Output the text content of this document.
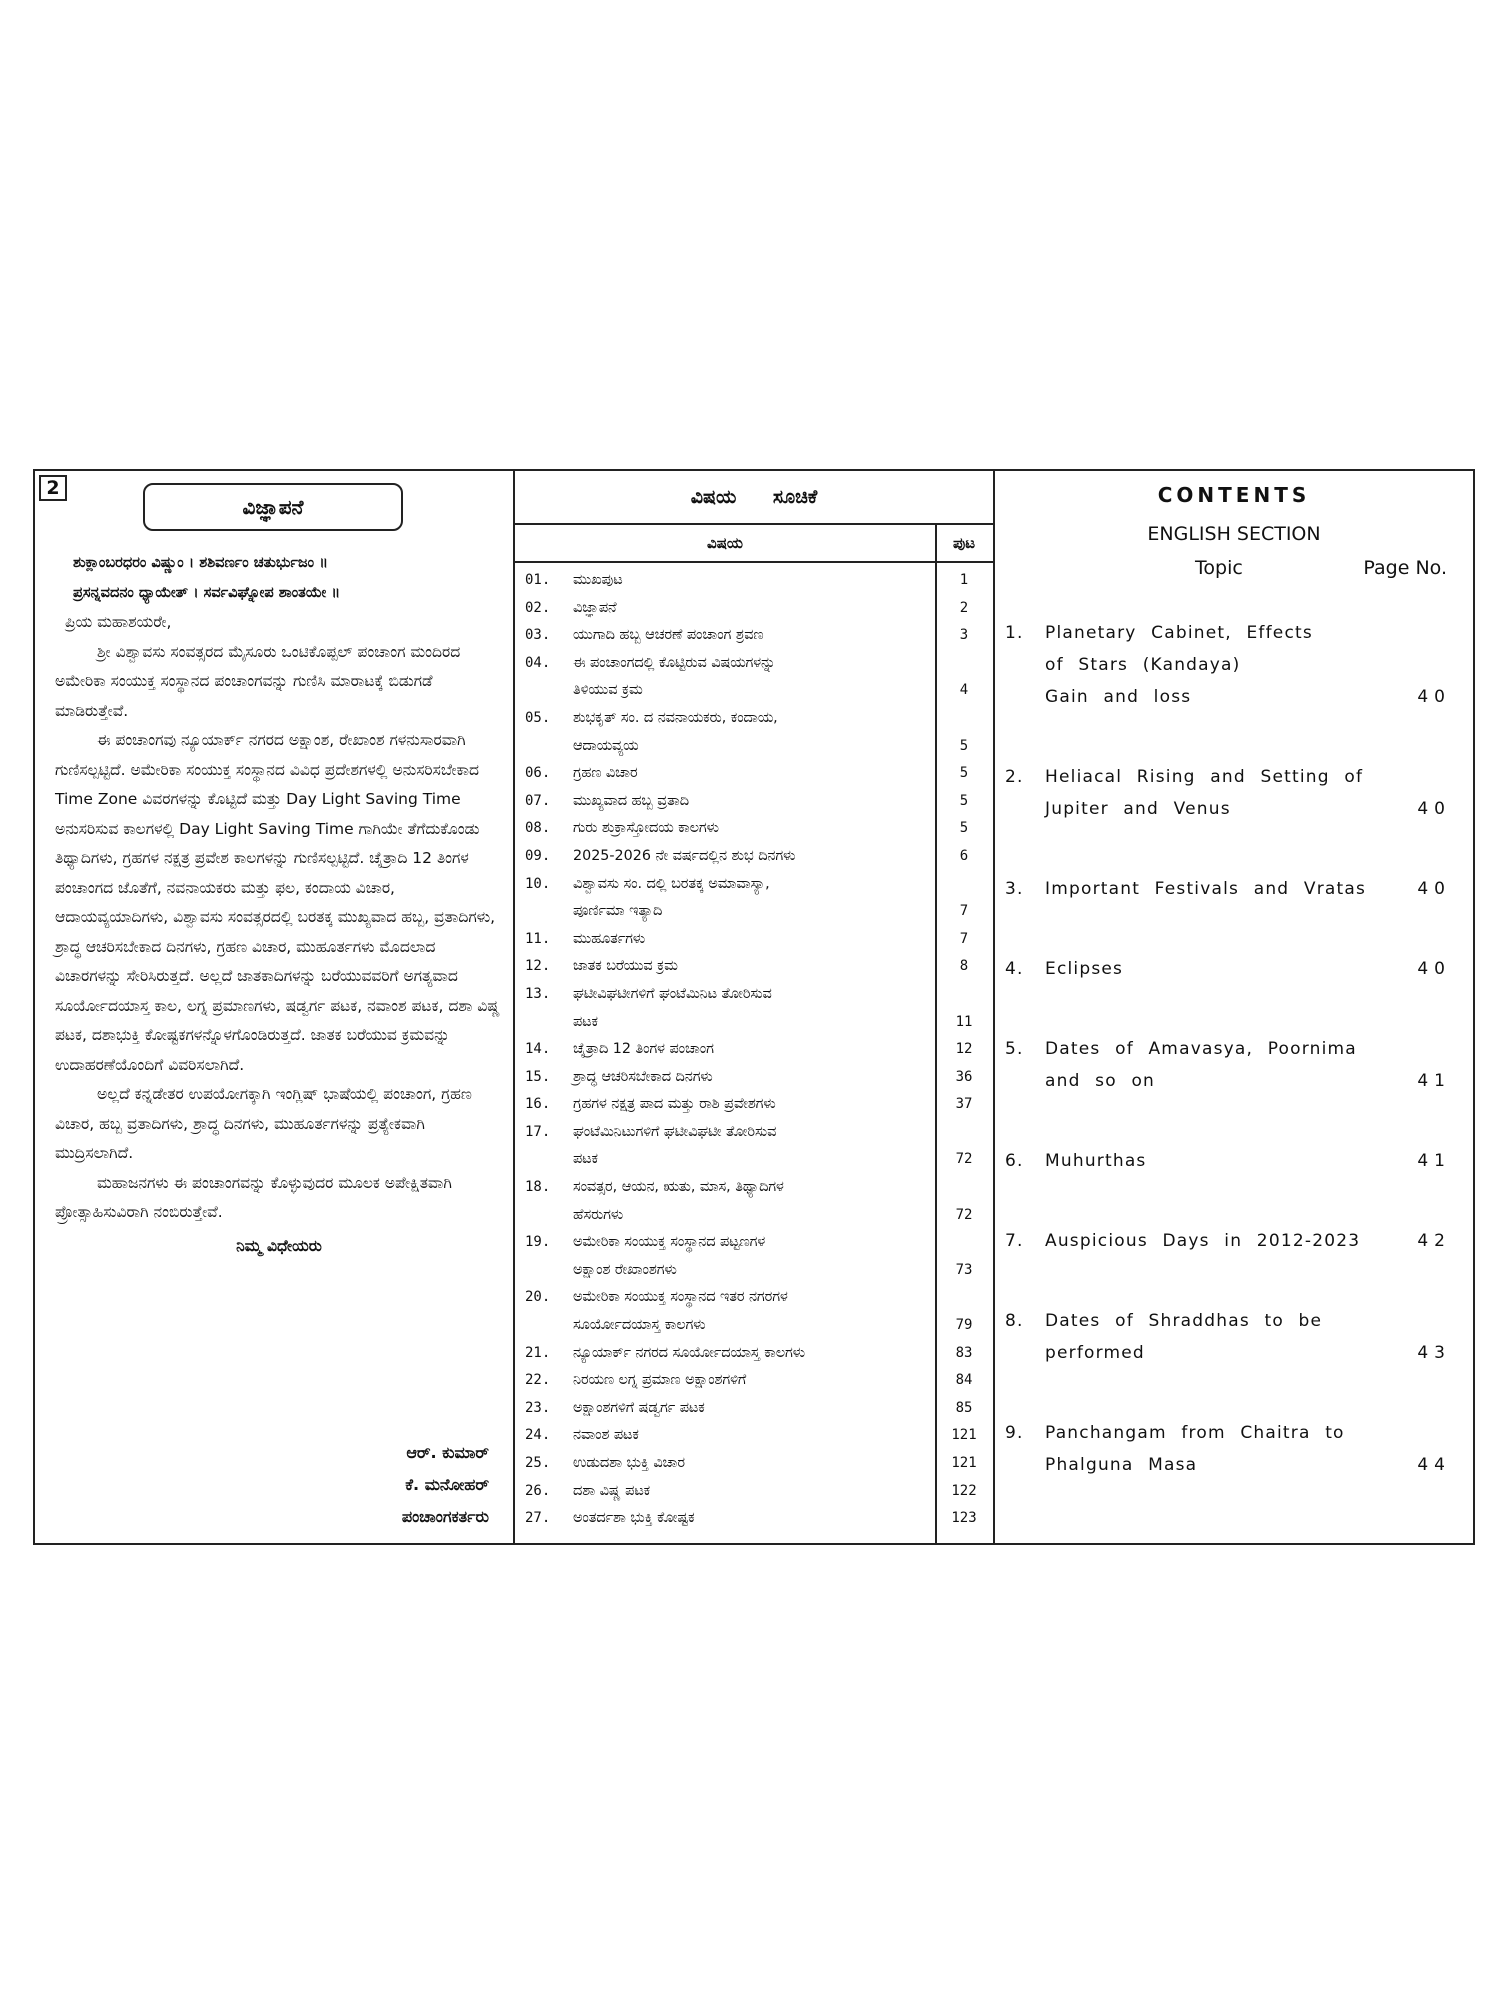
2
ವಿಜ್ಞಾಪನೆ

ಶುಕ್ಲಾಂಬರಧರಂ ವಿಷ್ಣುಂ । ಶಶಿವರ್ಣಂ ಚತುರ್ಭುಜಂ ॥

ಪ್ರಸನ್ನವದನಂ ಧ್ಯಾಯೇತ್ । ಸರ್ವವಿಘ್ನೋಪ ಶಾಂತಯೇ ॥

ಪ್ರಿಯ ಮಹಾಶಯರೇ,

ಶ್ರೀ ವಿಶ್ವಾವಸು ಸಂವತ್ಸರದ ಮೈಸೂರು ಒಂಟಿಕೊಪ್ಪಲ್ ಪಂಚಾಂಗ ಮಂದಿರದ ಅಮೇರಿಕಾ ಸಂಯುಕ್ತ ಸಂಸ್ಥಾನದ ಪಂಚಾಂಗವನ್ನು ಗುಣಿಸಿ ಮಾರಾಟಕ್ಕೆ ಬಿಡುಗಡೆ ಮಾಡಿರುತ್ತೇವೆ.

ಈ ಪಂಚಾಂಗವು ನ್ಯೂಯಾರ್ಕ್ ನಗರದ ಅಕ್ಷಾಂಶ, ರೇಖಾಂಶ ಗಳನುಸಾರವಾಗಿ ಗುಣಿಸಲ್ಪಟ್ಟಿದೆ. ಅಮೇರಿಕಾ ಸಂಯುಕ್ತ ಸಂಸ್ಥಾನದ ವಿವಿಧ ಪ್ರದೇಶಗಳಲ್ಲಿ ಅನುಸರಿಸಬೇಕಾದ Time Zone ವಿವರಗಳನ್ನು ಕೊಟ್ಟಿದೆ ಮತ್ತು Day Light Saving Time ಅನುಸರಿಸುವ ಕಾಲಗಳಲ್ಲಿ Day Light Saving Time ಗಾಗಿಯೇ ತೆಗೆದುಕೊಂಡು ತಿಥ್ಯಾದಿಗಳು, ಗ್ರಹಗಳ ನಕ್ಷತ್ರ ಪ್ರವೇಶ ಕಾಲಗಳನ್ನು ಗುಣಿಸಲ್ಪಟ್ಟಿದೆ. ಚೈತ್ರಾದಿ 12 ತಿಂಗಳ ಪಂಚಾಂಗದ ಜೊತೆಗೆ, ನವನಾಯಕರು ಮತ್ತು ಫಲ, ಕಂದಾಯ ವಿಚಾರ, ಆದಾಯವ್ಯಯಾದಿಗಳು, ವಿಶ್ವಾವಸು ಸಂವತ್ಸರದಲ್ಲಿ ಬರತಕ್ಕ ಮುಖ್ಯವಾದ ಹಬ್ಬ, ವ್ರತಾದಿಗಳು, ಶ್ರಾದ್ಧ ಆಚರಿಸಬೇಕಾದ ದಿನಗಳು, ಗ್ರಹಣ ವಿಚಾರ, ಮುಹೂರ್ತಗಳು ಮೊದಲಾದ ವಿಚಾರಗಳನ್ನು ಸೇರಿಸಿರುತ್ತದೆ. ಅಲ್ಲದೆ ಜಾತಕಾದಿಗಳನ್ನು ಬರೆಯುವವರಿಗೆ ಅಗತ್ಯವಾದ ಸೂರ್ಯೋದಯಾಸ್ತ ಕಾಲ, ಲಗ್ನ ಪ್ರಮಾಣಗಳು, ಷಡ್ವರ್ಗ ಪಟಕ, ನವಾಂಶ ಪಟಕ, ದಶಾ ವಿಷ್ಣ ಪಟಕ, ದಶಾಭುಕ್ತಿ ಕೋಷ್ಟಕಗಳನ್ನೊಳಗೊಂಡಿರುತ್ತದೆ. ಜಾತಕ ಬರೆಯುವ ಕ್ರಮವನ್ನು ಉದಾಹರಣೆಯೊಂದಿಗೆ ವಿವರಿಸಲಾಗಿದೆ.

ಅಲ್ಲದೆ ಕನ್ನಡೇತರ ಉಪಯೋಗಕ್ಕಾಗಿ ಇಂಗ್ಲಿಷ್ ಭಾಷೆಯಲ್ಲಿ ಪಂಚಾಂಗ, ಗ್ರಹಣ ವಿಚಾರ, ಹಬ್ಬ ವ್ರತಾದಿಗಳು, ಶ್ರಾದ್ಧ ದಿನಗಳು, ಮುಹೂರ್ತಗಳನ್ನು ಪ್ರತ್ಯೇಕವಾಗಿ ಮುದ್ರಿಸಲಾಗಿದೆ.

ಮಹಾಜನಗಳು ಈ ಪಂಚಾಂಗವನ್ನು ಕೊಳ್ಳುವುದರ ಮೂಲಕ ಅಪೇಕ್ಷಿತವಾಗಿ ಪ್ರೋತ್ಸಾಹಿಸುವಿರಾಗಿ ನಂಬಿರುತ್ತೇವೆ.

ನಿಮ್ಮ ವಿಧೇಯರು

ಆರ್. ಕುಮಾರ್
ಕೆ. ಮನೋಹರ್
ಪಂಚಾಂಗಕರ್ತರು
ವಿಷಯ ಸೂಚಿಕೆ
ವಿಷಯ	ಪುಟ
01.	ಮುಖಪುಟ	1
02.	ವಿಜ್ಞಾಪನೆ	2
03.	ಯುಗಾದಿ ಹಬ್ಬ ಆಚರಣೆ ಪಂಚಾಂಗ ಶ್ರವಣ	3
04.	ಈ ಪಂಚಾಂಗದಲ್ಲಿ ಕೊಟ್ಟಿರುವ ವಿಷಯಗಳನ್ನು
ತಿಳಿಯುವ ಕ್ರಮ	4
05.	ಶುಭಕೃತ್ ಸಂ. ದ ನವನಾಯಕರು, ಕಂದಾಯ,
ಆದಾಯವ್ಯಯ	5
06.	ಗ್ರಹಣ ವಿಚಾರ	5
07.	ಮುಖ್ಯವಾದ ಹಬ್ಬ ವ್ರತಾದಿ	5
08.	ಗುರು ಶುಕ್ರಾಸ್ತೋದಯ ಕಾಲಗಳು	5
09.	2025-2026 ನೇ ವರ್ಷದಲ್ಲಿನ ಶುಭ ದಿನಗಳು	6
10.	ವಿಶ್ವಾವಸು ಸಂ. ದಲ್ಲಿ ಬರತಕ್ಕ ಅಮಾವಾಸ್ಯಾ,
ಪೂರ್ಣಿಮಾ ಇತ್ಯಾದಿ	7
11.	ಮುಹೂರ್ತಗಳು	7
12.	ಜಾತಕ ಬರೆಯುವ ಕ್ರಮ	8
13.	ಘಟೀವಿಘಟೀಗಳಿಗೆ ಘಂಟೆಮಿನಿಟ ತೋರಿಸುವ
ಪಟಕ	11
14.	ಚೈತ್ರಾದಿ 12 ತಿಂಗಳ ಪಂಚಾಂಗ	12
15.	ಶ್ರಾದ್ಧ ಆಚರಿಸಬೇಕಾದ ದಿನಗಳು	36
16.	ಗ್ರಹಗಳ ನಕ್ಷತ್ರ ಪಾದ ಮತ್ತು ರಾಶಿ ಪ್ರವೇಶಗಳು	37
17.	ಘಂಟೆಮಿನಿಟುಗಳಿಗೆ ಘಟೀವಿಘಟೀ ತೋರಿಸುವ
ಪಟಕ	72
18.	ಸಂವತ್ಸರ, ಆಯನ, ಋತು, ಮಾಸ, ತಿಥ್ಯಾದಿಗಳ
ಹೆಸರುಗಳು	72
19.	ಅಮೇರಿಕಾ ಸಂಯುಕ್ತ ಸಂಸ್ಥಾನದ ಪಟ್ಟಣಗಳ
ಅಕ್ಷಾಂಶ ರೇಖಾಂಶಗಳು	73
20.	ಅಮೇರಿಕಾ ಸಂಯುಕ್ತ ಸಂಸ್ಥಾನದ ಇತರ ನಗರಗಳ
ಸೂರ್ಯೋದಯಾಸ್ತ ಕಾಲಗಳು	79
21.	ನ್ಯೂಯಾರ್ಕ್ ನಗರದ ಸೂರ್ಯೋದಯಾಸ್ತ ಕಾಲಗಳು	83
22.	ನಿರಯಣ ಲಗ್ನ ಪ್ರಮಾಣ ಅಕ್ಷಾಂಶಗಳಿಗೆ	84
23.	ಅಕ್ಷಾಂಶಗಳಿಗೆ ಷಡ್ವರ್ಗ ಪಟಕ	85
24.	ನವಾಂಶ ಪಟಕ	121
25.	ಉಡುದಶಾ ಭುಕ್ತಿ ವಿಚಾರ	121
26.	ದಶಾ ವಿಷ್ಣ ಪಟಕ	122
27.	ಅಂತರ್ದಶಾ ಭುಕ್ತಿ ಕೋಷ್ಟಕ	123
CONTENTS
ENGLISH SECTION
Topic	Page No.
1. Planetary Cabinet, Effects
of Stars (Kandaya)
Gain and loss	40
2. Heliacal Rising and Setting of
Jupiter and Venus	40
3. Important Festivals and Vratas	40
4. Eclipses	40
5. Dates of Amavasya, Poornima
and so on	41
6. Muhurthas	41
7. Auspicious Days in 2012-2023	42
8. Dates of Shraddhas to be
performed	43
9. Panchangam from Chaitra to
Phalguna Masa	44
